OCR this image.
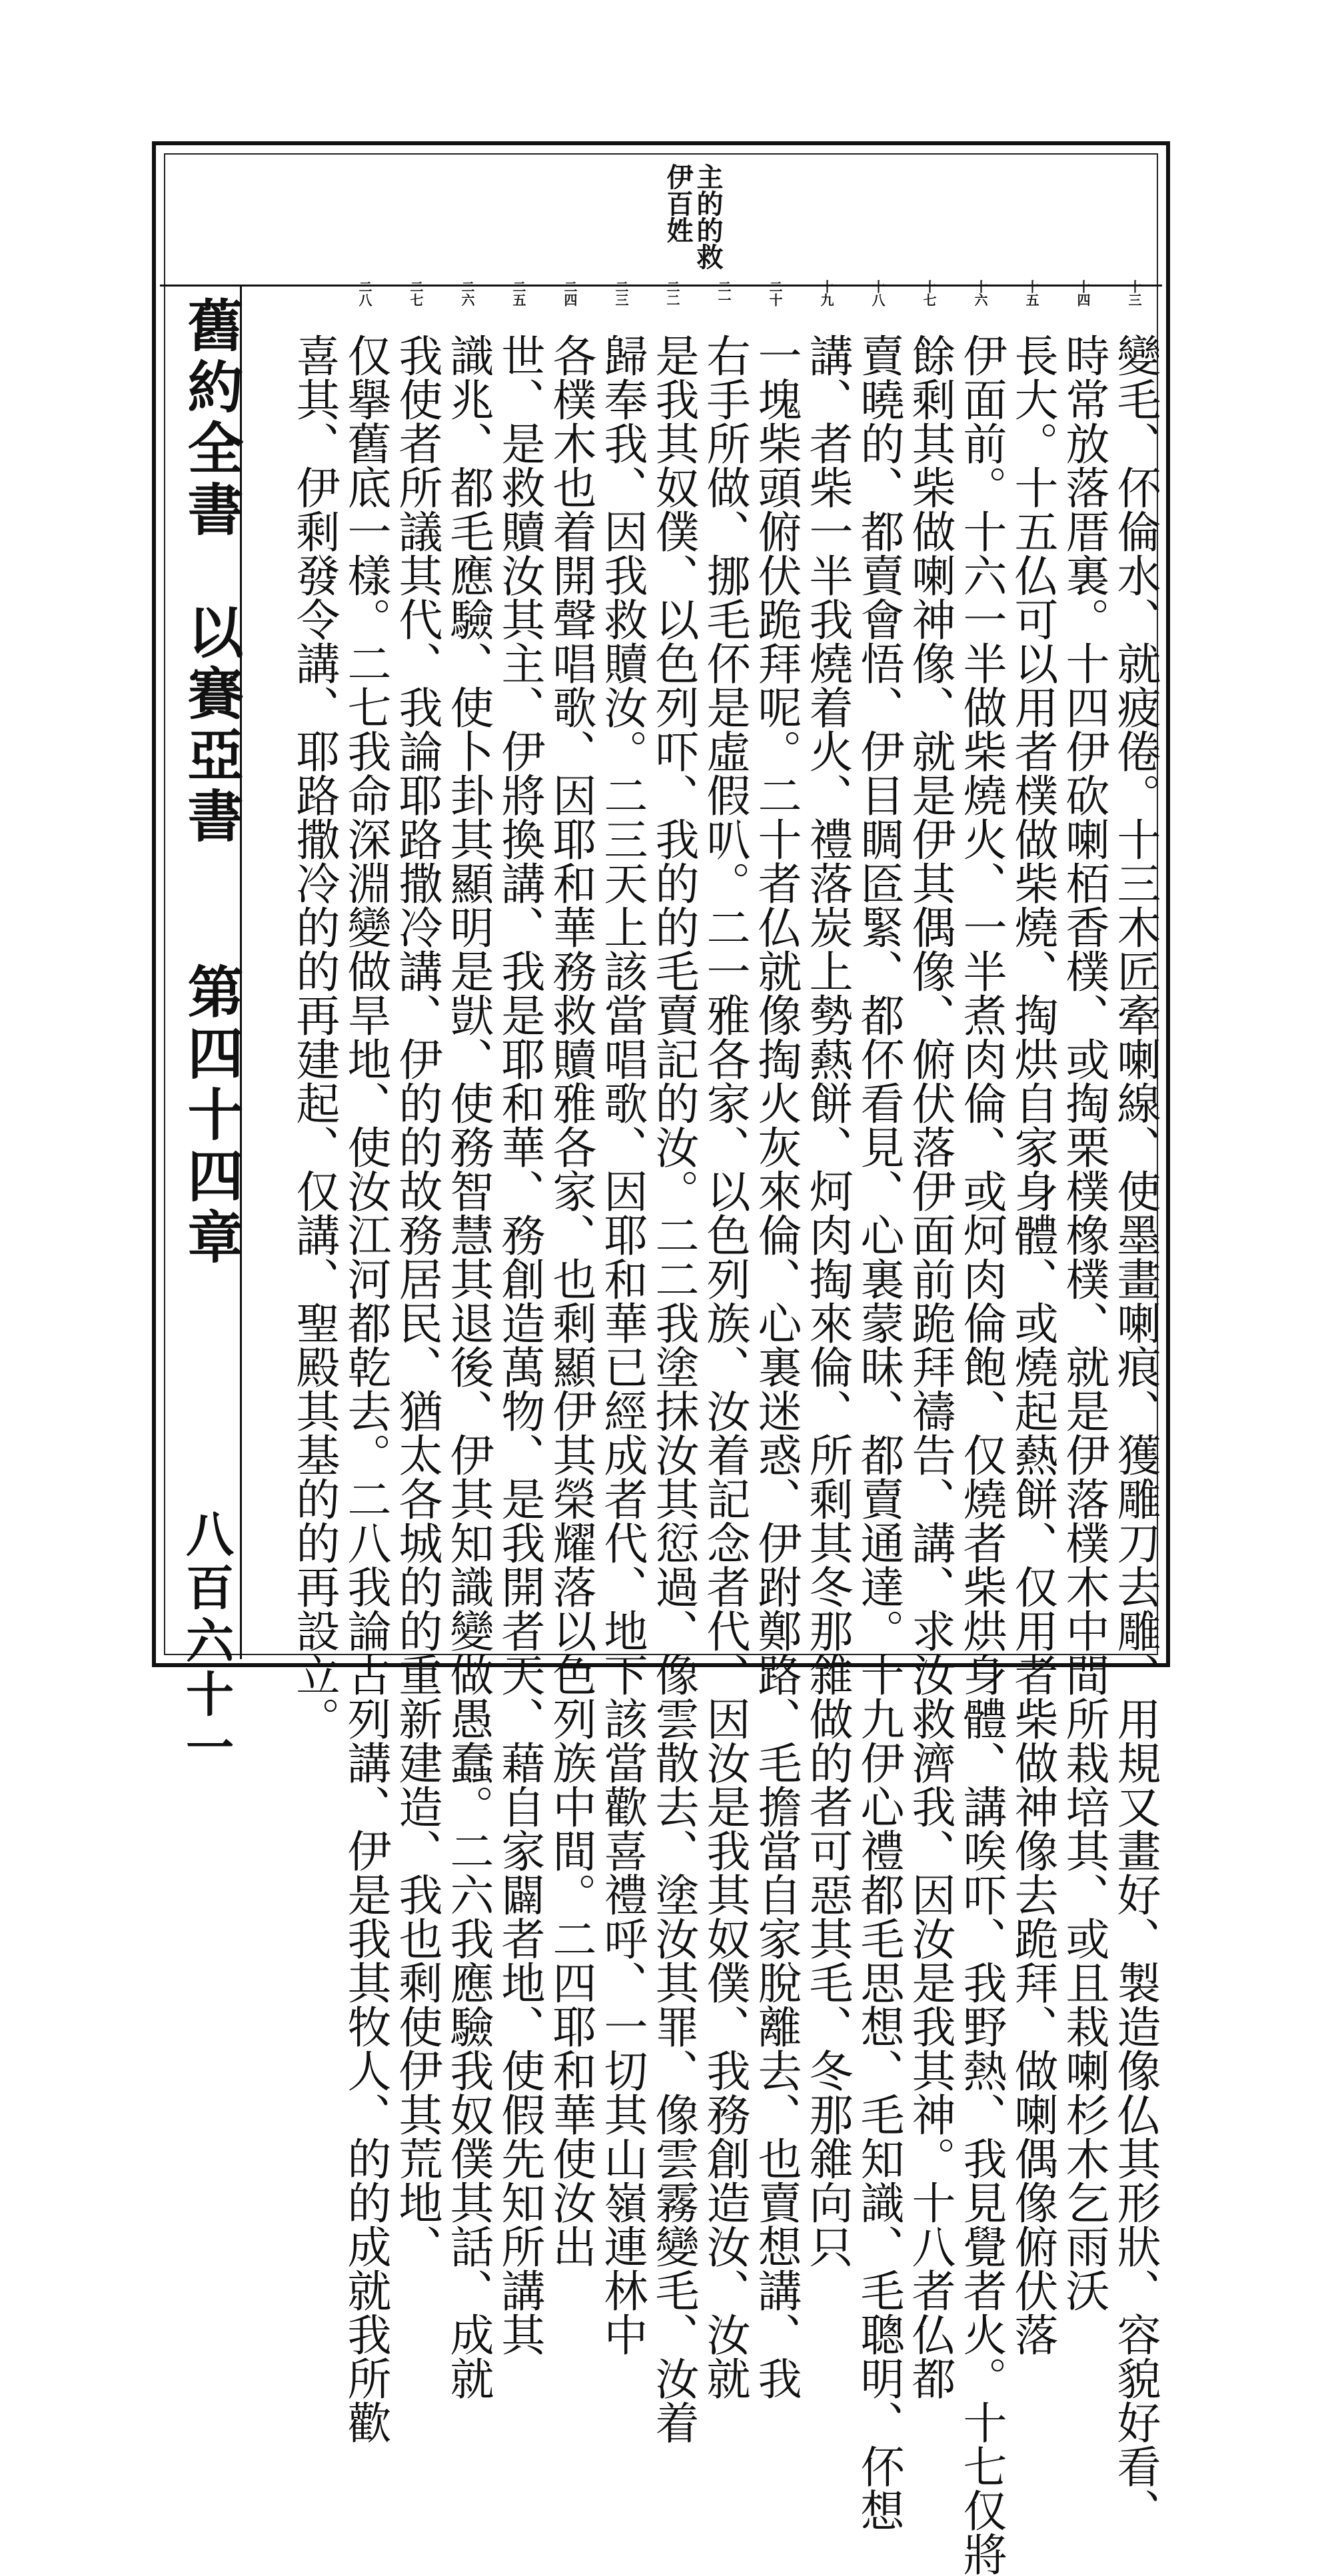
舊約全書　以賽亞書
第四十四章
八百六十一
主的的救
伊百姓
變毛、伓倫水、就疲倦。十三木匠牽喇線、使墨畫喇痕、獲雕刀去雕、用規又畫好、製造像仏其形狀、容貌好看、
十三
時常放落厝裏。十四伊砍喇栢香樸、或掏栗樸橡樸、就是伊落樸木中間所栽培其、或且栽喇杉木乞雨沃
十四
長大。十五仏可以用者樸做柴燒、掏烘自家身體、或燒起爇餅、仅用者柴做神像去跪拜、做喇偶像俯伏落
十五
伊面前。十六一半做柴燒火、一半煮肉倫、或炣肉倫飽、仅燒者柴烘身體、講唉吓、我野熱、我見覺者火。十七仅將
十六
餘剩其柴做喇神像、就是伊其偶像、俯伏落伊面前跪拜禱告、講、求汝救濟我、因汝是我其神。十八者仏都
十七
賣曉的、都賣會悟、伊目睭匼緊、都伓看見、心裏蒙昧、都賣通達。十九伊心禮都毛思想、毛知識、毛聰明、伓想
十八
講、者柴一半我燒着火、禮落炭上勢爇餅、炣肉掏來倫、所剩其冬那雓做的者可惡其毛、冬那雓向只
十九
一塊柴頭俯伏跪拜呢。二十者仏就像掏火灰來倫、心裏迷惑、伊跗鄭路、毛擔當自家脫離去、也賣想講、我
二十
右手所做、挪毛伓是虛假叭。二一雅各家、以色列族、汝着記念者代、因汝是我其奴僕、我務創造汝、汝就
二一
是我其奴僕、以色列吓、我的的毛賣記的汝。二二我塗抹汝其愆過、像雲散去、塗汝其罪、像雲霧變毛、汝着
二二
歸奉我、因我救贖汝。二三天上該當唱歌、因耶和華已經成者代、地下該當歡喜禮呼、一切其山嶺連林中
二三
各樸木也着開聲唱歌、因耶和華務救贖雅各家、也剩顯伊其榮耀落以色列族中間。二四耶和華使汝出
二四
世、是救贖汝其主、伊將換講、我是耶和華、務創造萬物、是我開者天、藉自家闢者地、使假先知所講其
二五
識兆、都毛應驗、使卜卦其顯明是獃、使務智慧其退後、伊其知識變做愚蠢。二六我應驗我奴僕其話、成就
二六
我使者所議其代、我論耶路撒冷講、伊的的故務居民、猶太各城的的重新建造、我也剩使伊其荒地、
二七
仅擧舊底一樣。二七我命深淵變做旱地、使汝江河都乾去。二八我論古列講、伊是我其牧人、的的成就我所歡
二八
喜其、伊剩發令講、耶路撒冷的的再建起、仅講、聖殿其基的的再設立。
